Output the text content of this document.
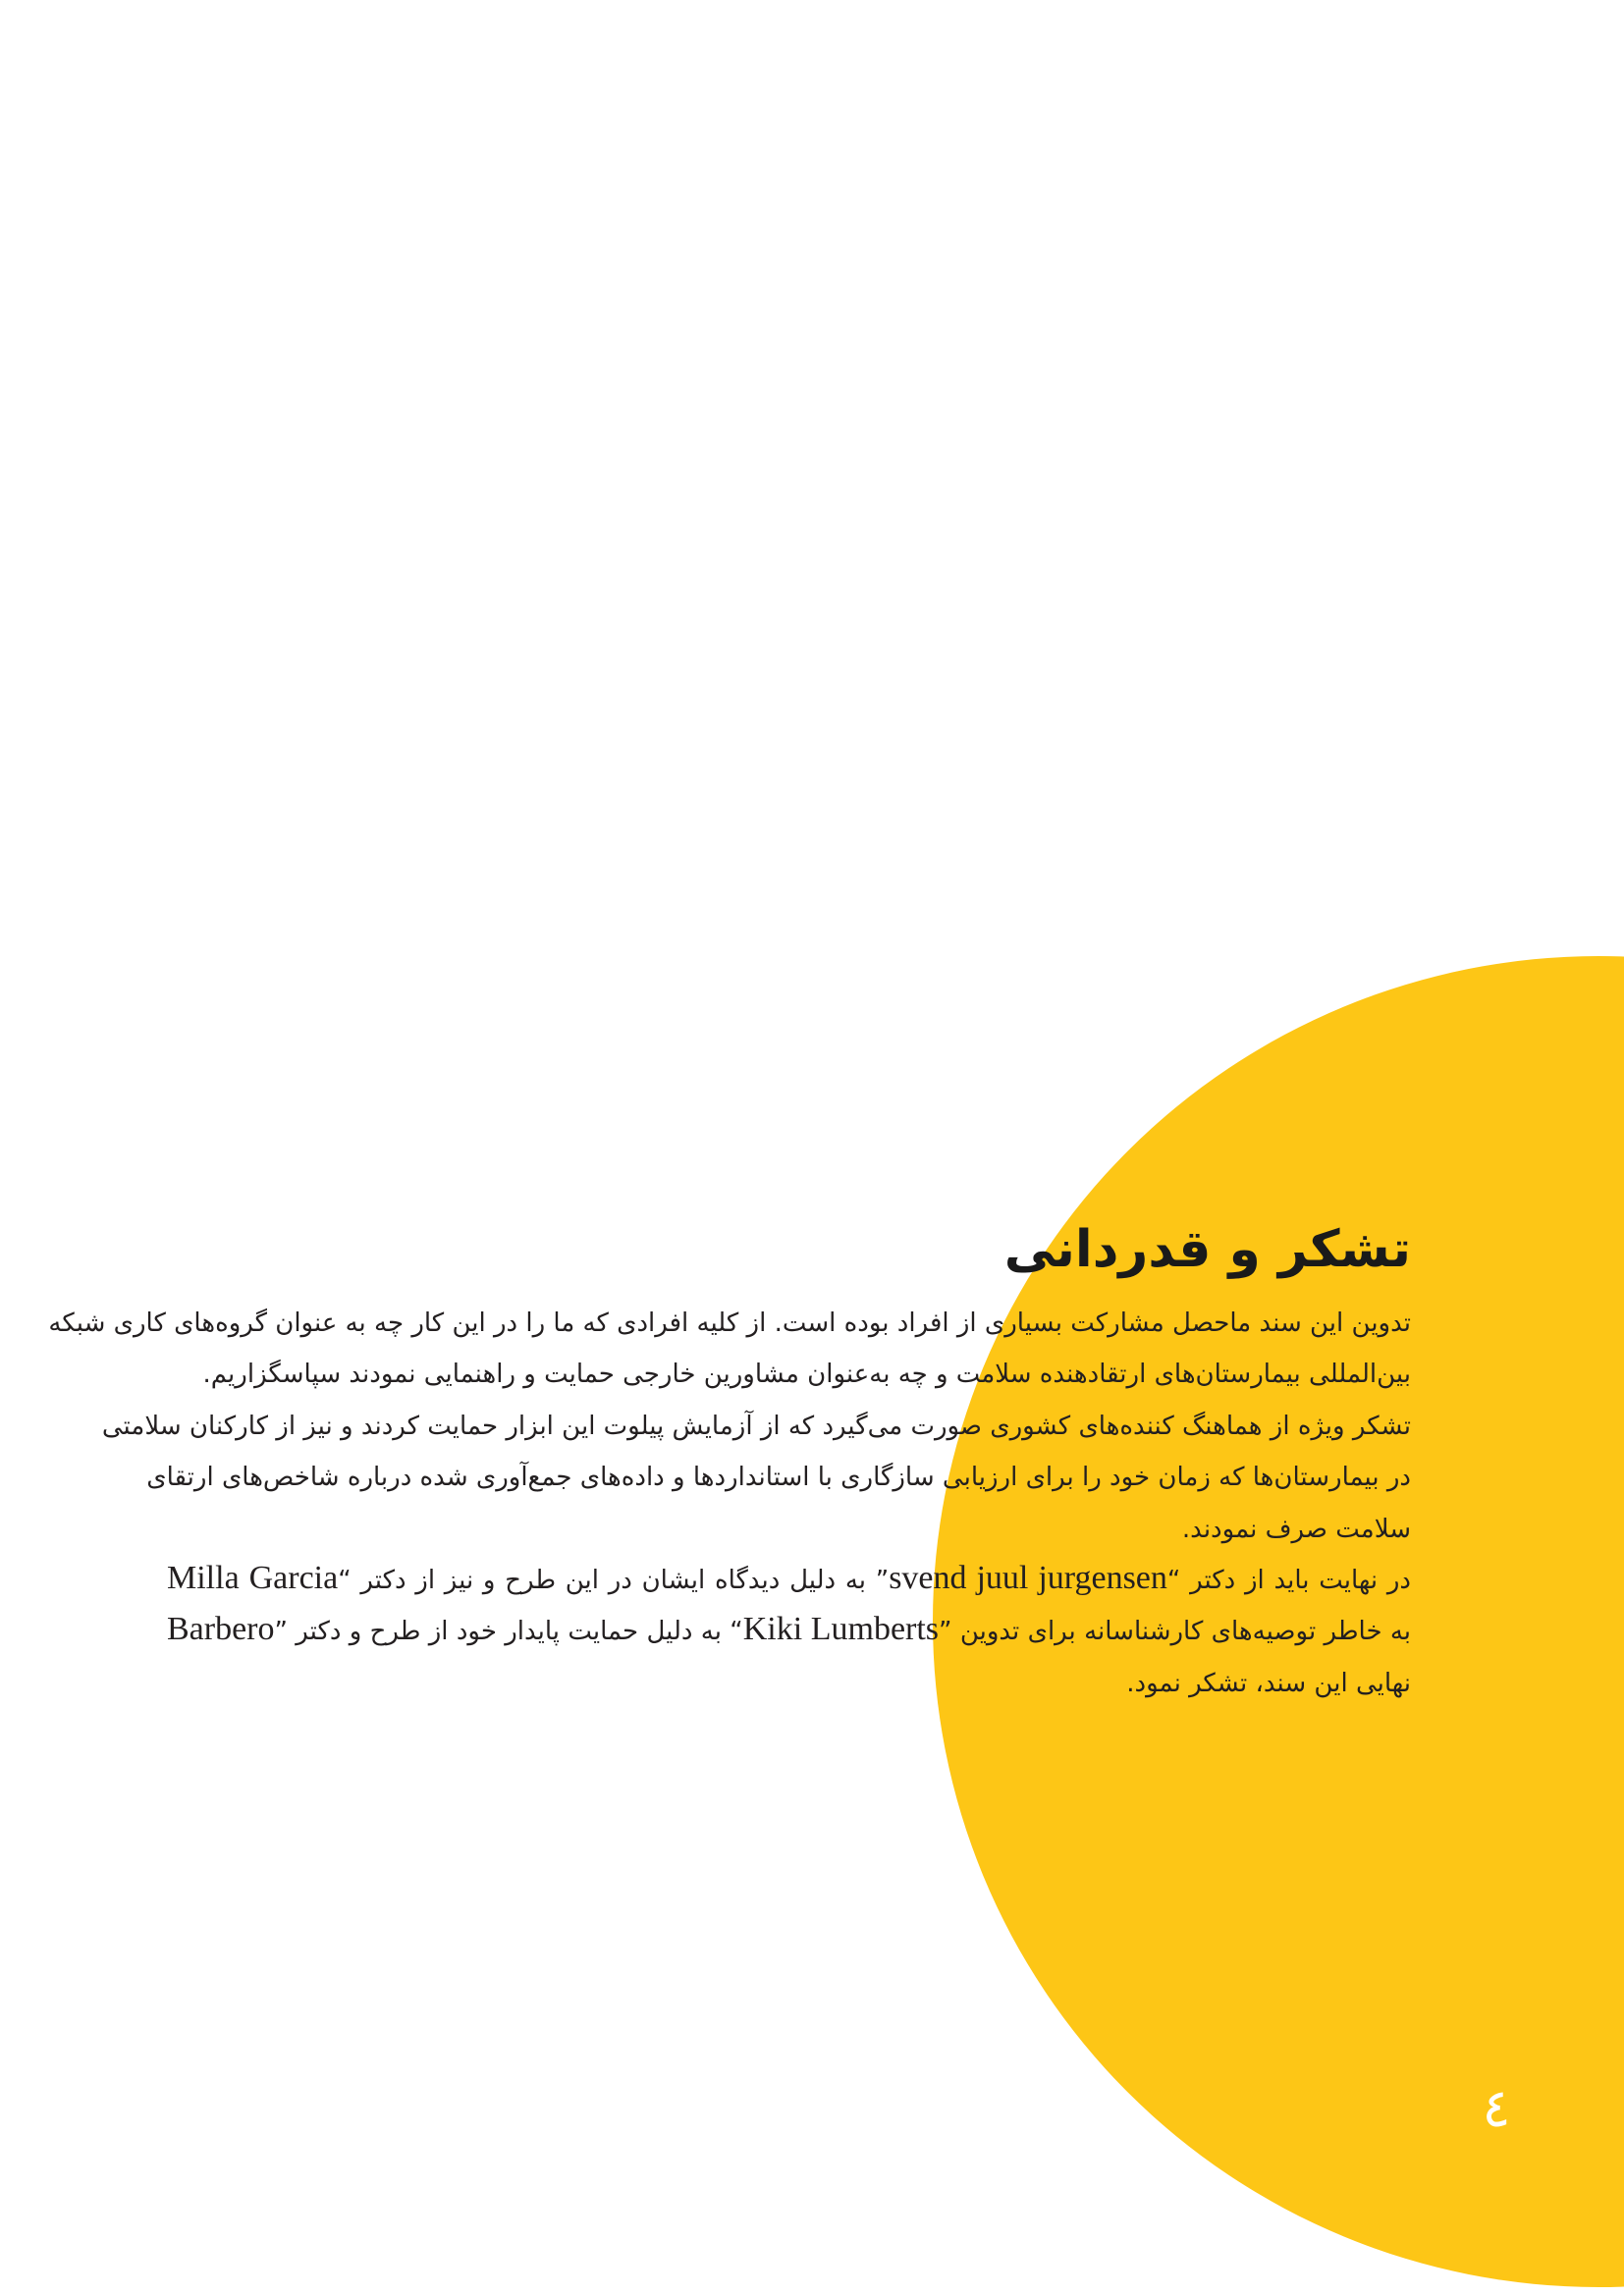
تشکر و قدردانی
تدوین این سند ماحصل مشارکت بسیاری از افراد بوده است. از کلیه افرادی که ما را در این کار چه به عنوان گروه‌های کاری شبکه
بین‌المللی بیمارستان‌های ارتقادهنده سلامت و چه به‌عنوان مشاورین خارجی حمایت و راهنمایی نمودند سپاسگزاریم.
تشکر ویژه از هماهنگ کننده‌های کشوری صورت می‌گیرد که از آزمایش پیلوت این ابزار حمایت کردند و نیز از کارکنان سلامتی
در بیمارستان‌ها که زمان خود را برای ارزیابی سازگاری با استانداردها و داده‌های جمع‌آوری شده درباره شاخص‌های ارتقای
سلامت صرف نمودند.
در نهایت باید از دکتر “svend juul jurgensen” به دلیل دیدگاه ایشان در این طرح و نیز از دکتر “Milla Garcia
Barbero” به دلیل حمایت پایدار خود از طرح و دکتر “Kiki Lumberts” به خاطر توصیه‌های کارشناسانه برای تدوین
نهایی این سند، تشکر نمود.
٤
